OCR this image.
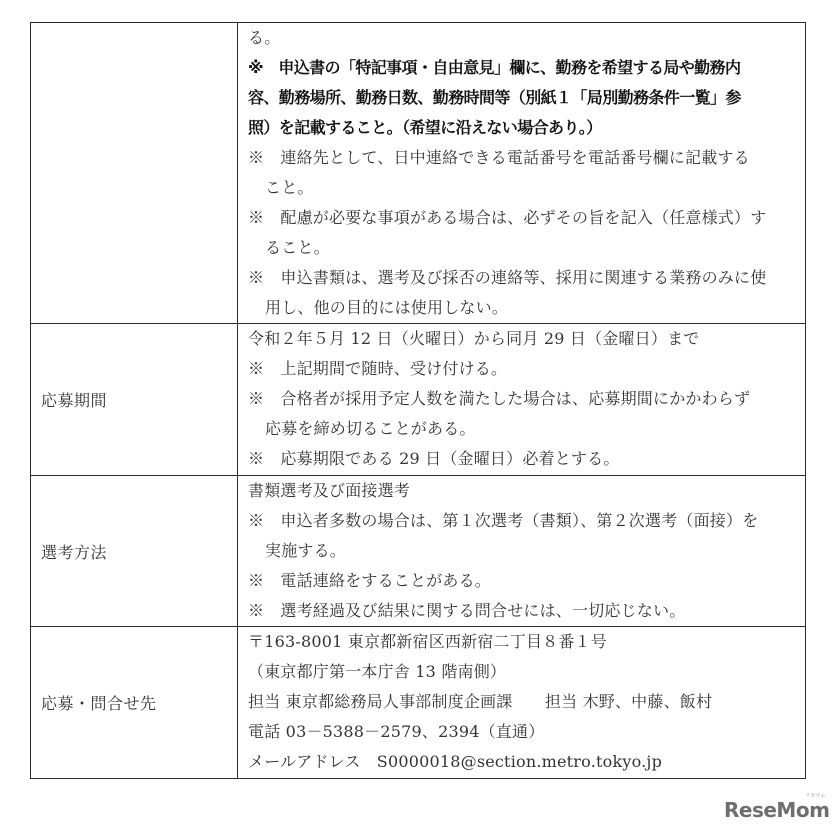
る。
※　申込書の「特記事項・自由意見」欄に、勤務を希望する局や勤務内
容、勤務場所、勤務日数、勤務時間等（別紙１「局別勤務条件一覧」参
照）を記載すること。（希望に沿えない場合あり。）
※　連絡先として、日中連絡できる電話番号を電話番号欄に記載する
こと。
※　配慮が必要な事項がある場合は、必ずその旨を記入（任意様式）す
ること。
※　申込書類は、選考及び採否の連絡等、採用に関連する業務のみに使
用し、他の目的には使用しない。

応募期間	令和２年５月 12 日（火曜日）から同月 29 日（金曜日）まで
※　上記期間で随時、受け付ける。
※　合格者が採用予定人数を満たした場合は、応募期間にかかわらず
応募を締め切ることがある。
※　応募期限である 29 日（金曜日）必着とする。

選考方法	書類選考及び面接選考
※　申込者多数の場合は、第１次選考（書類）、第２次選考（面接）を
実施する。
※　電話連絡をすることがある。
※　選考経過及び結果に関する問合せには、一切応じない。

応募・問合せ先	〒163-8001 東京都新宿区西新宿二丁目８番１号
（東京都庁第一本庁舎 13 階南側）
担当 東京都総務局人事部制度企画課　　担当 木野、中藤、飯村
電話 03－5388－2579、2394（直通）
メールアドレス　S0000018@section.metro.tokyo.jp
リセマム
ReseMom
